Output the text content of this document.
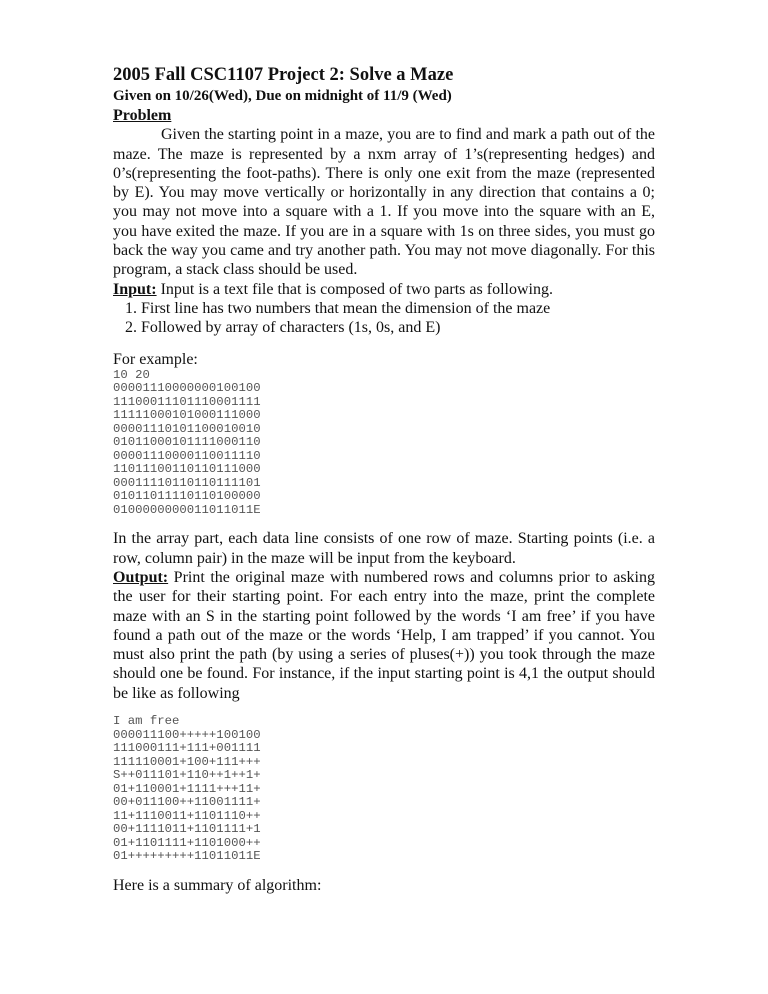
2005 Fall CSC1107 Project 2: Solve a Maze
Given on 10/26(Wed), Due on midnight of 11/9 (Wed)

Problem

Given the starting point in a maze, you are to find and mark a path out of the maze. The maze is represented by a nxm array of 1’s(representing hedges) and 0’s(representing the foot-paths). There is only one exit from the maze (represented by E). You may move vertically or horizontally in any direction that contains a 0; you may not move into a square with a 1. If you move into the square with an E, you have exited the maze. If you are in a square with 1s on three sides, you must go back the way you came and try another path. You may not move diagonally. For this program, a stack class should be used.

Input: Input is a text file that is composed of two parts as following.

1. First line has two numbers that mean the dimension of the maze
2. Followed by array of characters (1s, 0s, and E)

For example:

10 20
00001110000000100100
11100011101110001111
11111000101000111000
00001110101100010010
01011000101111000110
00001110000110011110
11011100110110111000
00011110110110111101
01011011110110100000
0100000000011011011E

In the array part, each data line consists of one row of maze. Starting points (i.e. a row, column pair) in the maze will be input from the keyboard.

Output: Print the original maze with numbered rows and columns prior to asking the user for their starting point. For each entry into the maze, print the complete maze with an S in the starting point followed by the words ‘I am free’ if you have found a path out of the maze or the words ‘Help, I am trapped’ if you cannot. You must also print the path (by using a series of pluses(+)) you took through the maze should one be found. For instance, if the input starting point is 4,1 the output should be like as following

I am free
000011100+++++100100
111000111+111+001111
111110001+100+111+++
S++011101+110++1++1+
01+110001+1111+++11+
00+011100++11001111+
11+1110011+1101110++
00+1111011+1101111+1
01+1101111+1101000++
01+++++++++11011011E

Here is a summary of algorithm:
